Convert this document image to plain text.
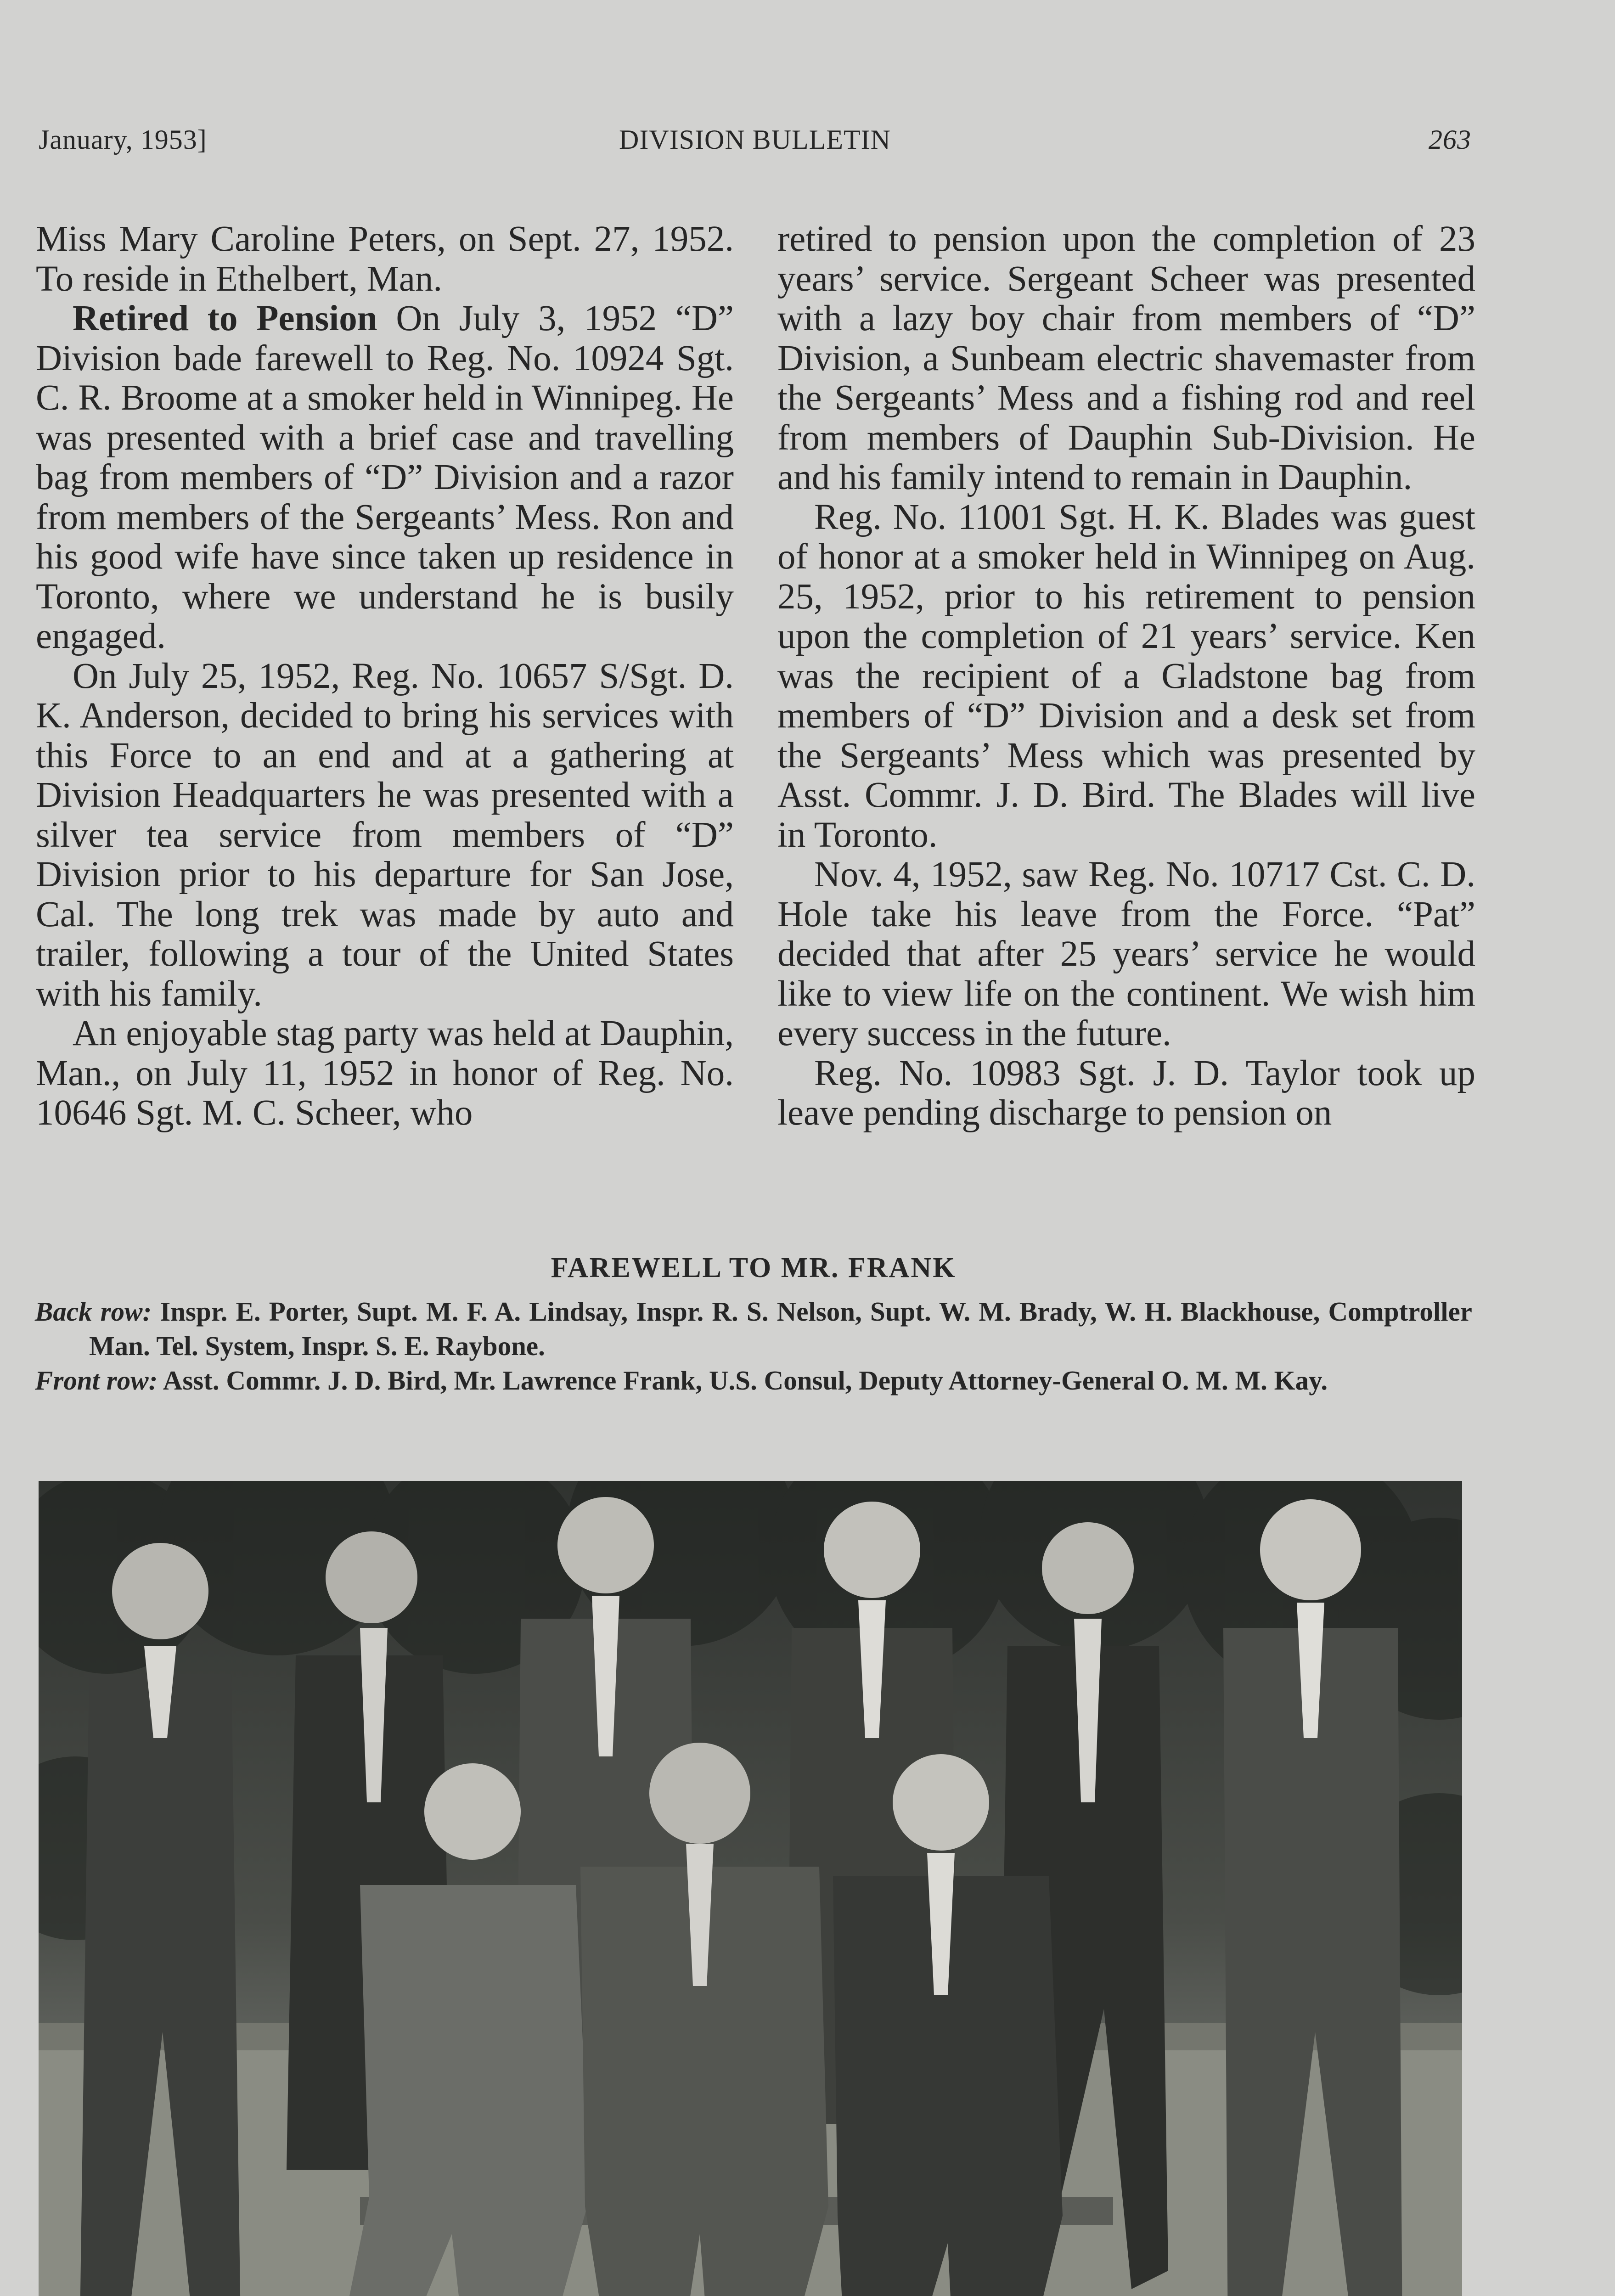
January, 1953]	DIVISION BULLETIN	263

Miss Mary Caroline Peters, on Sept. 27, 1952. To reside in Ethelbert, Man.

Retired to Pension On July 3, 1952 “D” Division bade farewell to Reg. No. 10924 Sgt. C. R. Broome at a smoker held in Winnipeg. He was presented with a brief case and travelling bag from members of “D” Division and a razor from members of the Sergeants’ Mess. Ron and his good wife have since taken up residence in Toronto, where we understand he is busily engaged.

On July 25, 1952, Reg. No. 10657 S/Sgt. D. K. Anderson, decided to bring his services with this Force to an end and at a gathering at Division Headquarters he was presented with a silver tea service from members of “D” Division prior to his departure for San Jose, Cal. The long trek was made by auto and trailer, following a tour of the United States with his family.

An enjoyable stag party was held at Dauphin, Man., on July 11, 1952 in honor of Reg. No. 10646 Sgt. M. C. Scheer, who

retired to pension upon the completion of 23 years’ service. Sergeant Scheer was presented with a lazy boy chair from members of “D” Division, a Sunbeam electric shavemaster from the Sergeants’ Mess and a fishing rod and reel from members of Dauphin Sub-Division. He and his family intend to remain in Dauphin.

Reg. No. 11001 Sgt. H. K. Blades was guest of honor at a smoker held in Winnipeg on Aug. 25, 1952, prior to his retirement to pension upon the completion of 21 years’ service. Ken was the recipient of a Gladstone bag from members of “D” Division and a desk set from the Sergeants’ Mess which was presented by Asst. Commr. J. D. Bird. The Blades will live in Toronto.

Nov. 4, 1952, saw Reg. No. 10717 Cst. C. D. Hole take his leave from the Force. “Pat” decided that after 25 years’ service he would like to view life on the continent. We wish him every success in the future.

Reg. No. 10983 Sgt. J. D. Taylor took up leave pending discharge to pension on

FAREWELL TO MR. FRANK

Back row: Inspr. E. Porter, Supt. M. F. A. Lindsay, Inspr. R. S. Nelson, Supt. W. M. Brady, W. H. Blackhouse, Comptroller Man. Tel. System, Inspr. S. E. Raybone.

Front row: Asst. Commr. J. D. Bird, Mr. Lawrence Frank, U.S. Consul, Deputy Attorney-General O. M. M. Kay.
